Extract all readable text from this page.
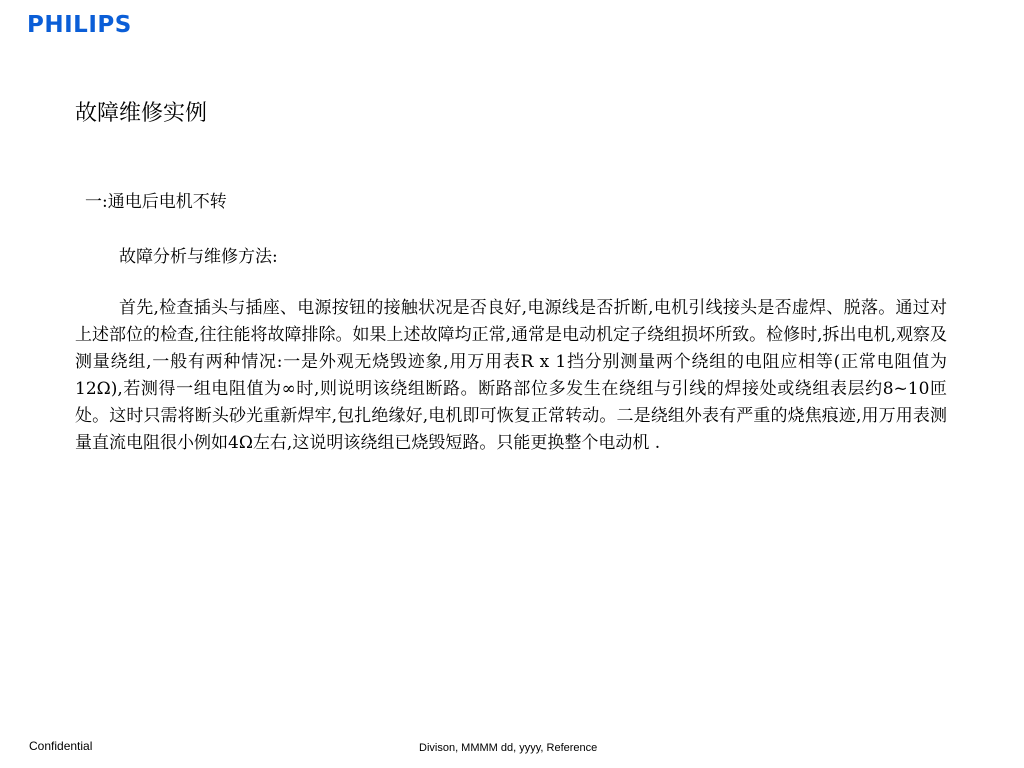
PHILIPS
故障维修实例
一:通电后电机不转
故障分析与维修方法:

首先,检查插头与插座、电源按钮的接触状况是否良好,电源线是否折断,电机引线接头是否虚焊、脱落。通过对上述部位的检查,往往能将故障排除。如果上述故障均正常,通常是电动机定子绕组损坏所致。检修时,拆出电机,观察及测量绕组,一般有两种情况:一是外观无烧毁迹象,用万用表R x 1挡分别测量两个绕组的电阻应相等(正常电阻值为12Ω),若测得一组电阻值为∞时,则说明该绕组断路。断路部位多发生在绕组与引线的焊接处或绕组表层约8~10匝处。这时只需将断头砂光重新焊牢,包扎绝缘好,电机即可恢复正常转动。二是绕组外表有严重的烧焦痕迹,用万用表测量直流电阻很小例如4Ω左右,这说明该绕组已烧毁短路。只能更换整个电动机 .

Confidential	Divison, MMMM dd, yyyy, Reference
